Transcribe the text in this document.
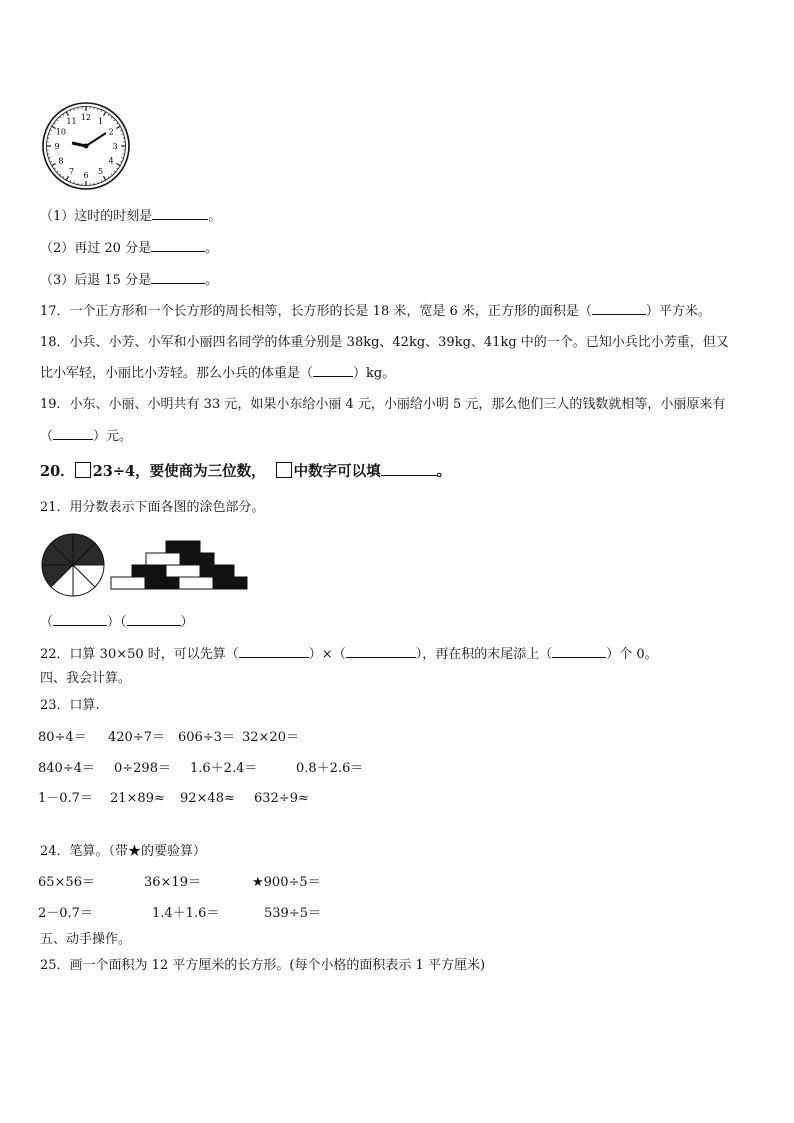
12 1
2
3
4
5
6
7
8
9
10
11
（1）这时的时刻是	。
（2）再过 20 分是	。
（3）后退 15 分是	。
17．一个正方形和一个长方形的周长相等，长方形的长是 18 米，宽是 6 米，正方形的面积是（	）平方米。
18．小兵、小芳、小军和小丽四名同学的体重分别是 38kg、42kg、39kg、41kg 中的一个。已知小兵比小芳重，但又
比小军轻，小丽比小芳轻。那么小兵的体重是（	）kg。
19．小东、小丽、小明共有 33 元，如果小东给小丽 4 元，小丽给小明 5 元，那么他们三人的钱数就相等，小丽原来有
（	）元。
20． 23÷4，要使商为三位数， 中数字可以填	。
21．用分数表示下面各图的涂色部分。
（	）（	）
22．口算 30×50 时，可以先算（	）×（	），再在积的末尾添上（	）个 0。
四、我会计算。
23．口算.
80÷4＝ 420÷7＝ 606÷3＝ 32×20＝
840÷4＝ 0÷298＝ 1.6＋2.4＝	0.8＋2.6＝
1－0.7＝ 21×89≈ 92×48≈ 632÷9≈
24．笔算。（带★的要验算）
65×56＝	36×19＝	★900÷5＝
2－0.7＝	1.4＋1.6＝	539÷5＝
五、动手操作。
25．画一个面积为 12 平方厘米的长方形。(每个小格的面积表示 1 平方厘米)
